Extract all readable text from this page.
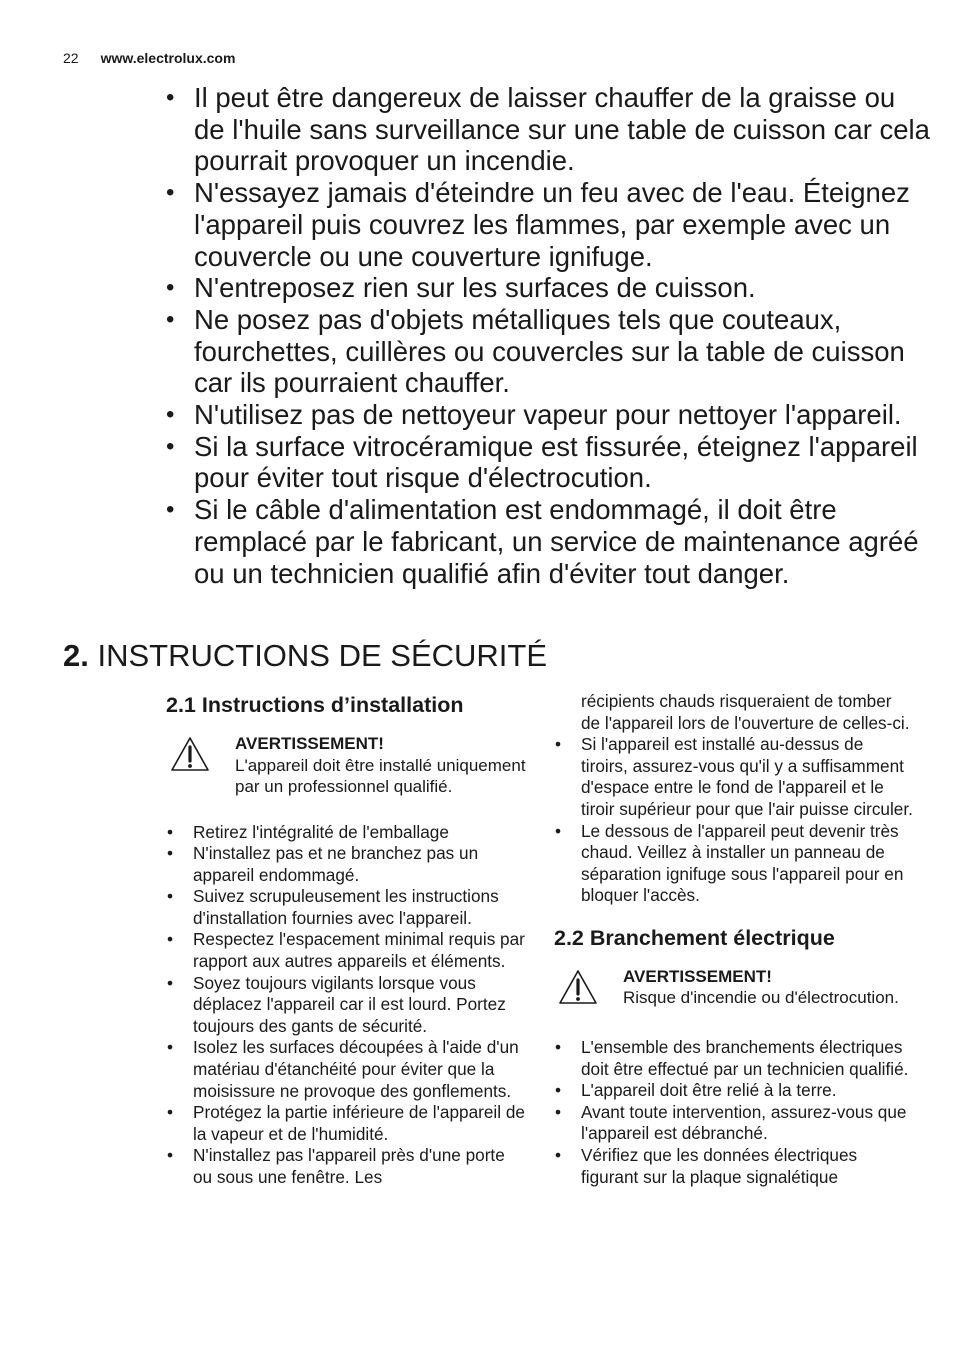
22 www.electrolux.com
• Il peut être dangereux de laisser chauffer de la graisse ou de l'huile sans surveillance sur une table de cuisson car cela pourrait provoquer un incendie.
• N'essayez jamais d'éteindre un feu avec de l'eau. Éteignez l'appareil puis couvrez les flammes, par exemple avec un couvercle ou une couverture ignifuge.
• N'entreposez rien sur les surfaces de cuisson.
• Ne posez pas d'objets métalliques tels que couteaux, fourchettes, cuillères ou couvercles sur la table de cuisson car ils pourraient chauffer.
• N'utilisez pas de nettoyeur vapeur pour nettoyer l'appareil.
• Si la surface vitrocéramique est fissurée, éteignez l'appareil pour éviter tout risque d'électrocution.
• Si le câble d'alimentation est endommagé, il doit être remplacé par le fabricant, un service de maintenance agréé ou un technicien qualifié afin d'éviter tout danger.
2. INSTRUCTIONS DE SÉCURITÉ
2.1 Instructions d’installation
AVERTISSEMENT!
L'appareil doit être installé uniquement par un professionnel qualifié.
• Retirez l'intégralité de l'emballage
• N'installez pas et ne branchez pas un appareil endommagé.
• Suivez scrupuleusement les instructions d'installation fournies avec l'appareil.
• Respectez l'espacement minimal requis par rapport aux autres appareils et éléments.
• Soyez toujours vigilants lorsque vous déplacez l'appareil car il est lourd. Portez toujours des gants de sécurité.
• Isolez les surfaces découpées à l'aide d'un matériau d'étanchéité pour éviter que la moisissure ne provoque des gonflements.
• Protégez la partie inférieure de l'appareil de la vapeur et de l'humidité.
• N'installez pas l'appareil près d'une porte ou sous une fenêtre. Les
récipients chauds risqueraient de tomber de l'appareil lors de l'ouverture de celles-ci.
• Si l'appareil est installé au-dessus de tiroirs, assurez-vous qu'il y a suffisamment d'espace entre le fond de l'appareil et le tiroir supérieur pour que l'air puisse circuler.
• Le dessous de l'appareil peut devenir très chaud. Veillez à installer un panneau de séparation ignifuge sous l'appareil pour en bloquer l'accès.
2.2 Branchement électrique
AVERTISSEMENT!
Risque d'incendie ou d'électrocution.
• L'ensemble des branchements électriques doit être effectué par un technicien qualifié.
• L'appareil doit être relié à la terre.
• Avant toute intervention, assurez-vous que l'appareil est débranché.
• Vérifiez que les données électriques figurant sur la plaque signalétique
